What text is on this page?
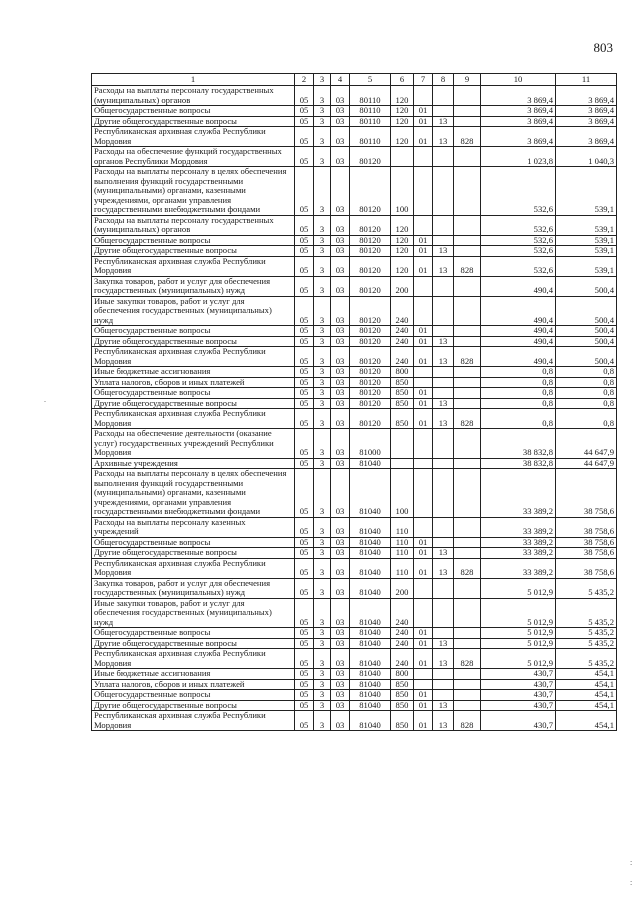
803
1	2	3	4	5	6	7	8	9	10	11
Расходы на выплаты персоналу государственных (муниципальных) органов	05	3	03	80110	120				3 869,4	3 869,4
Общегосударственные вопросы	05	3	03	80110	120	01			3 869,4	3 869,4
Другие общегосударственные вопросы	05	3	03	80110	120	01	13		3 869,4	3 869,4
Республиканская архивная служба Республики Мордовия	05	3	03	80110	120	01	13	828	3 869,4	3 869,4
Расходы на обеспечение функций государственных органов Республики Мордовия	05	3	03	80120					1 023,8	1 040,3
Расходы на выплаты персоналу в целях обеспечения выполнения функций государственными (муниципальными) органами, казенными учреждениями, органами управления государственными внебюджетными фондами	05	3	03	80120	100				532,6	539,1
Расходы на выплаты персоналу государственных (муниципальных) органов	05	3	03	80120	120				532,6	539,1
Общегосударственные вопросы	05	3	03	80120	120	01			532,6	539,1
Другие общегосударственные вопросы	05	3	03	80120	120	01	13		532,6	539,1
Республиканская архивная служба Республики Мордовия	05	3	03	80120	120	01	13	828	532,6	539,1
Закупка товаров, работ и услуг для обеспечения государственных (муниципальных) нужд	05	3	03	80120	200				490,4	500,4
Иные закупки товаров, работ и услуг для обеспечения государственных (муниципальных) нужд	05	3	03	80120	240				490,4	500,4
Общегосударственные вопросы	05	3	03	80120	240	01			490,4	500,4
Другие общегосударственные вопросы	05	3	03	80120	240	01	13		490,4	500,4
Республиканская архивная служба Республики Мордовия	05	3	03	80120	240	01	13	828	490,4	500,4
Иные бюджетные ассигнования	05	3	03	80120	800				0,8	0,8
Уплата налогов, сборов и иных платежей	05	3	03	80120	850				0,8	0,8
Общегосударственные вопросы	05	3	03	80120	850	01			0,8	0,8
Другие общегосударственные вопросы	05	3	03	80120	850	01	13		0,8	0,8
Республиканская архивная служба Республики Мордовия	05	3	03	80120	850	01	13	828	0,8	0,8
Расходы на обеспечение деятельности (оказание услуг) государственных учреждений Республики Мордовия	05	3	03	81000					38 832,8	44 647,9
Архивные учреждения	05	3	03	81040					38 832,8	44 647,9
Расходы на выплаты персоналу в целях обеспечения выполнения функций государственными (муниципальными) органами, казенными учреждениями, органами управления государственными внебюджетными фондами	05	3	03	81040	100				33 389,2	38 758,6
Расходы на выплаты персоналу казенных учреждений	05	3	03	81040	110				33 389,2	38 758,6
Общегосударственные вопросы	05	3	03	81040	110	01			33 389,2	38 758,6
Другие общегосударственные вопросы	05	3	03	81040	110	01	13		33 389,2	38 758,6
Республиканская архивная служба Республики Мордовия	05	3	03	81040	110	01	13	828	33 389,2	38 758,6
Закупка товаров, работ и услуг для обеспечения государственных (муниципальных) нужд	05	3	03	81040	200				5 012,9	5 435,2
Иные закупки товаров, работ и услуг для обеспечения государственных (муниципальных) нужд	05	3	03	81040	240				5 012,9	5 435,2
Общегосударственные вопросы	05	3	03	81040	240	01			5 012,9	5 435,2
Другие общегосударственные вопросы	05	3	03	81040	240	01	13		5 012,9	5 435,2
Республиканская архивная служба Республики Мордовия	05	3	03	81040	240	01	13	828	5 012,9	5 435,2
Иные бюджетные ассигнования	05	3	03	81040	800				430,7	454,1
Уплата налогов, сборов и иных платежей	05	3	03	81040	850				430,7	454,1
Общегосударственные вопросы	05	3	03	81040	850	01			430,7	454,1
Другие общегосударственные вопросы	05	3	03	81040	850	01	13		430,7	454,1
Республиканская архивная служба Республики Мордовия	05	3	03	81040	850	01	13	828	430,7	454,1
.
:
:
